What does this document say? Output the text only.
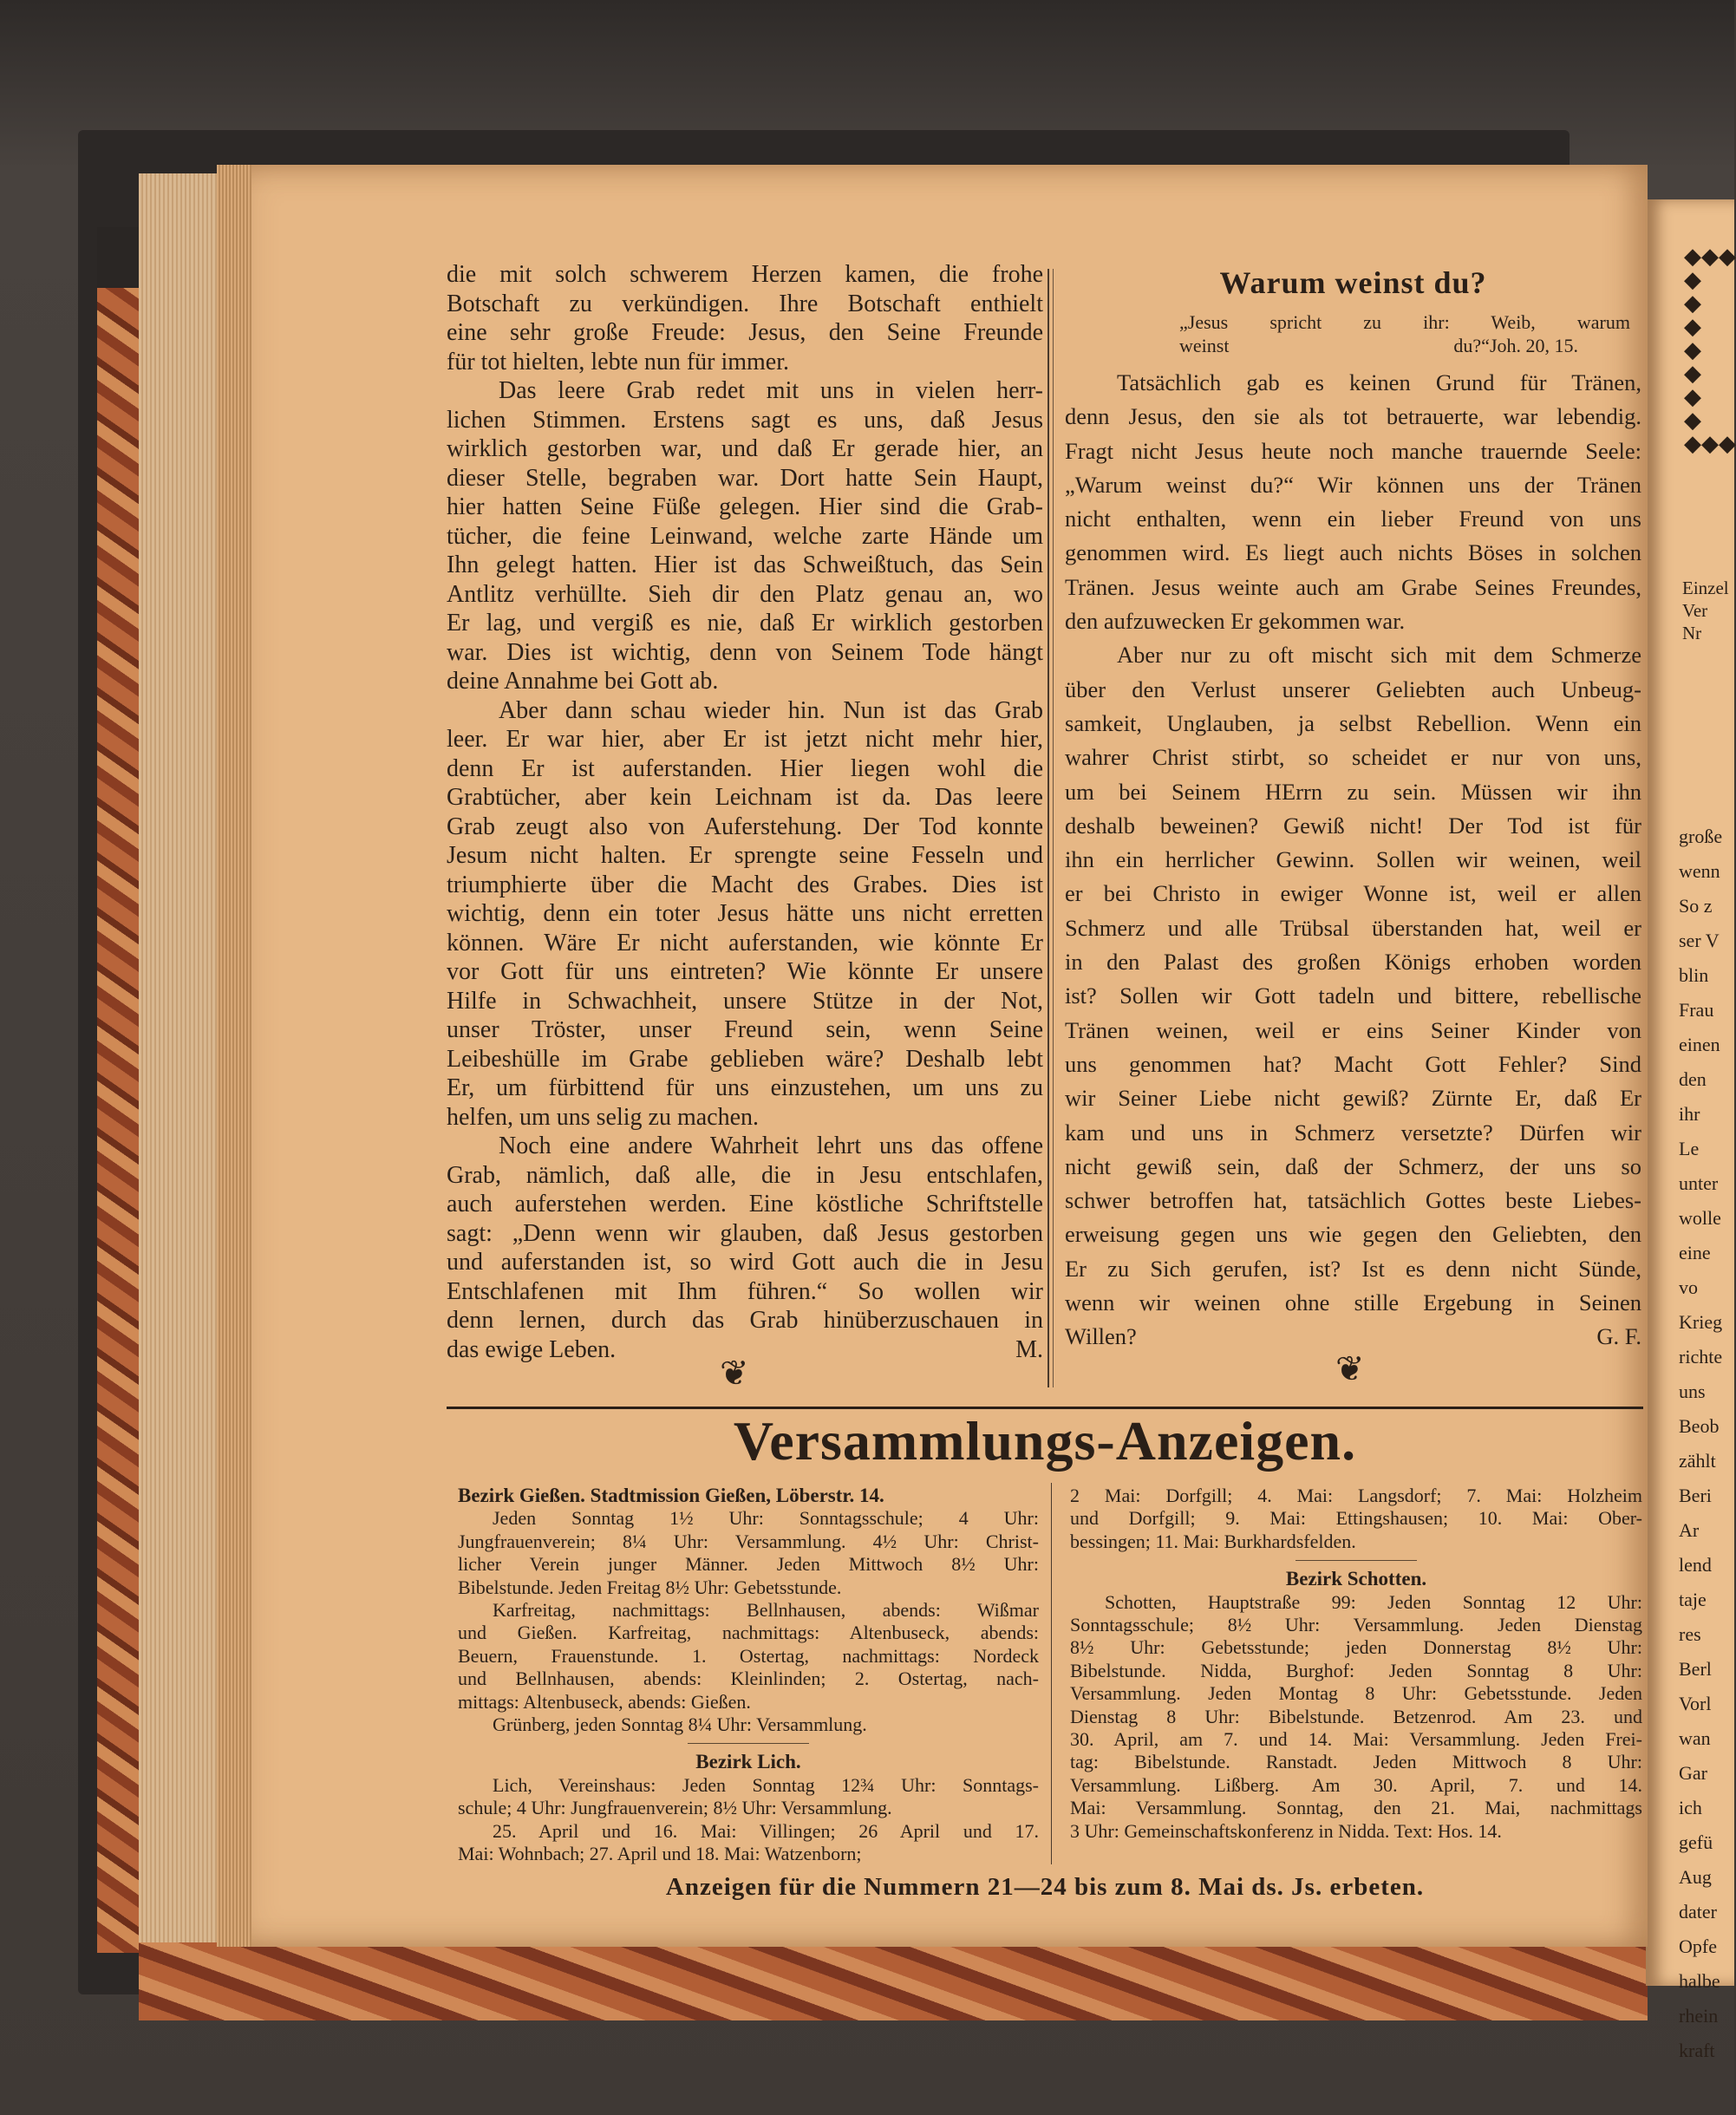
◆◆◆
◆
◆
◆
◆
◆
◆
◆
◆◆◆
Einzel
Ver
Nr
große
wenn
So z
ser V
blin
Frau
einen
den
ihr
Le
unter
wolle
eine
vo
Krieg
richte
uns
Beob
zählt
Beri
Ar
lend
taje
res
Berl
Vorl
wan
Gar
ich
gefü
Aug
dater
Opfe
halbe
rhein
kraft
die mit solch schwerem Herzen kamen, die frohe
Botschaft zu verkündigen. Ihre Botschaft enthielt
eine sehr große Freude: Jesus, den Seine Freunde
für tot hielten, lebte nun für immer.
Das leere Grab redet mit uns in vielen herr-
lichen Stimmen. Erstens sagt es uns, daß Jesus
wirklich gestorben war, und daß Er gerade hier, an
dieser Stelle, begraben war. Dort hatte Sein Haupt,
hier hatten Seine Füße gelegen. Hier sind die Grab-
tücher, die feine Leinwand, welche zarte Hände um
Ihn gelegt hatten. Hier ist das Schweißtuch, das Sein
Antlitz verhüllte. Sieh dir den Platz genau an, wo
Er lag, und vergiß es nie, daß Er wirklich gestorben
war. Dies ist wichtig, denn von Seinem Tode hängt
deine Annahme bei Gott ab.
Aber dann schau wieder hin. Nun ist das Grab
leer. Er war hier, aber Er ist jetzt nicht mehr hier,
denn Er ist auferstanden. Hier liegen wohl die
Grabtücher, aber kein Leichnam ist da. Das leere
Grab zeugt also von Auferstehung. Der Tod konnte
Jesum nicht halten. Er sprengte seine Fesseln und
triumphierte über die Macht des Grabes. Dies ist
wichtig, denn ein toter Jesus hätte uns nicht erretten
können. Wäre Er nicht auferstanden, wie könnte Er
vor Gott für uns eintreten? Wie könnte Er unsere
Hilfe in Schwachheit, unsere Stütze in der Not,
unser Tröster, unser Freund sein, wenn Seine
Leibeshülle im Grabe geblieben wäre? Deshalb lebt
Er, um fürbittend für uns einzustehen, um uns zu
helfen, um uns selig zu machen.
Noch eine andere Wahrheit lehrt uns das offene
Grab, nämlich, daß alle, die in Jesu entschlafen,
auch auferstehen werden. Eine köstliche Schriftstelle
sagt: „Denn wenn wir glauben, daß Jesus gestorben
und auferstanden ist, so wird Gott auch die in Jesu
Entschlafenen mit Ihm führen.“ So wollen wir
denn lernen, durch das Grab hinüberzuschauen in
das ewige Leben.	M.
Warum weinst du?
„Jesus spricht zu ihr: Weib, warum
weinst du?“ Joh. 20, 15.
Tatsächlich gab es keinen Grund für Tränen,
denn Jesus, den sie als tot betrauerte, war lebendig.
Fragt nicht Jesus heute noch manche trauernde Seele:
„Warum weinst du?“ Wir können uns der Tränen
nicht enthalten, wenn ein lieber Freund von uns
genommen wird. Es liegt auch nichts Böses in solchen
Tränen. Jesus weinte auch am Grabe Seines Freundes,
den aufzuwecken Er gekommen war.
Aber nur zu oft mischt sich mit dem Schmerze
über den Verlust unserer Geliebten auch Unbeug-
samkeit, Unglauben, ja selbst Rebellion. Wenn ein
wahrer Christ stirbt, so scheidet er nur von uns,
um bei Seinem HErrn zu sein. Müssen wir ihn
deshalb beweinen? Gewiß nicht! Der Tod ist für
ihn ein herrlicher Gewinn. Sollen wir weinen, weil
er bei Christo in ewiger Wonne ist, weil er allen
Schmerz und alle Trübsal überstanden hat, weil er
in den Palast des großen Königs erhoben worden
ist? Sollen wir Gott tadeln und bittere, rebellische
Tränen weinen, weil er eins Seiner Kinder von
uns genommen hat? Macht Gott Fehler? Sind
wir Seiner Liebe nicht gewiß? Zürnte Er, daß Er
kam und uns in Schmerz versetzte? Dürfen wir
nicht gewiß sein, daß der Schmerz, der uns so
schwer betroffen hat, tatsächlich Gottes beste Liebes-
erweisung gegen uns wie gegen den Geliebten, den
Er zu Sich gerufen, ist? Ist es denn nicht Sünde,
wenn wir weinen ohne stille Ergebung in Seinen
Willen?	G. F.
❦	❦
Versammlungs-Anzeigen.
Bezirk Gießen. Stadtmission Gießen, Löberstr. 14.
Jeden Sonntag 1½ Uhr: Sonntagsschule; 4 Uhr:
Jungfrauenverein; 8¼ Uhr: Versammlung. 4½ Uhr: Christ-
licher Verein junger Männer. Jeden Mittwoch 8½ Uhr:
Bibelstunde. Jeden Freitag 8½ Uhr: Gebetsstunde.
Karfreitag, nachmittags: Bellnhausen, abends: Wißmar
und Gießen. Karfreitag, nachmittags: Altenbuseck, abends:
Beuern, Frauenstunde. 1. Ostertag, nachmittags: Nordeck
und Bellnhausen, abends: Kleinlinden; 2. Ostertag, nach-
mittags: Altenbuseck, abends: Gießen.
Grünberg, jeden Sonntag 8¼ Uhr: Versammlung.
Bezirk Lich.
Lich, Vereinshaus: Jeden Sonntag 12¾ Uhr: Sonntags-
schule; 4 Uhr: Jungfrauenverein; 8½ Uhr: Versammlung.
25. April und 16. Mai: Villingen; 26 April und 17.
Mai: Wohnbach; 27. April und 18. Mai: Watzenborn;
2 Mai: Dorfgill; 4. Mai: Langsdorf; 7. Mai: Holzheim
und Dorfgill; 9. Mai: Ettingshausen; 10. Mai: Ober-
bessingen; 11. Mai: Burkhardsfelden.
Bezirk Schotten.
Schotten, Hauptstraße 99: Jeden Sonntag 12 Uhr:
Sonntagsschule; 8½ Uhr: Versammlung. Jeden Dienstag
8½ Uhr: Gebetsstunde; jeden Donnerstag 8½ Uhr:
Bibelstunde. Nidda, Burghof: Jeden Sonntag 8 Uhr:
Versammlung. Jeden Montag 8 Uhr: Gebetsstunde. Jeden
Dienstag 8 Uhr: Bibelstunde. Betzenrod. Am 23. und
30. April, am 7. und 14. Mai: Versammlung. Jeden Frei-
tag: Bibelstunde. Ranstadt. Jeden Mittwoch 8 Uhr:
Versammlung. Lißberg. Am 30. April, 7. und 14.
Mai: Versammlung. Sonntag, den 21. Mai, nachmittags
3 Uhr: Gemeinschaftskonferenz in Nidda. Text: Hos. 14.
Anzeigen für die Nummern 21—24 bis zum 8. Mai ds. Js. erbeten.
